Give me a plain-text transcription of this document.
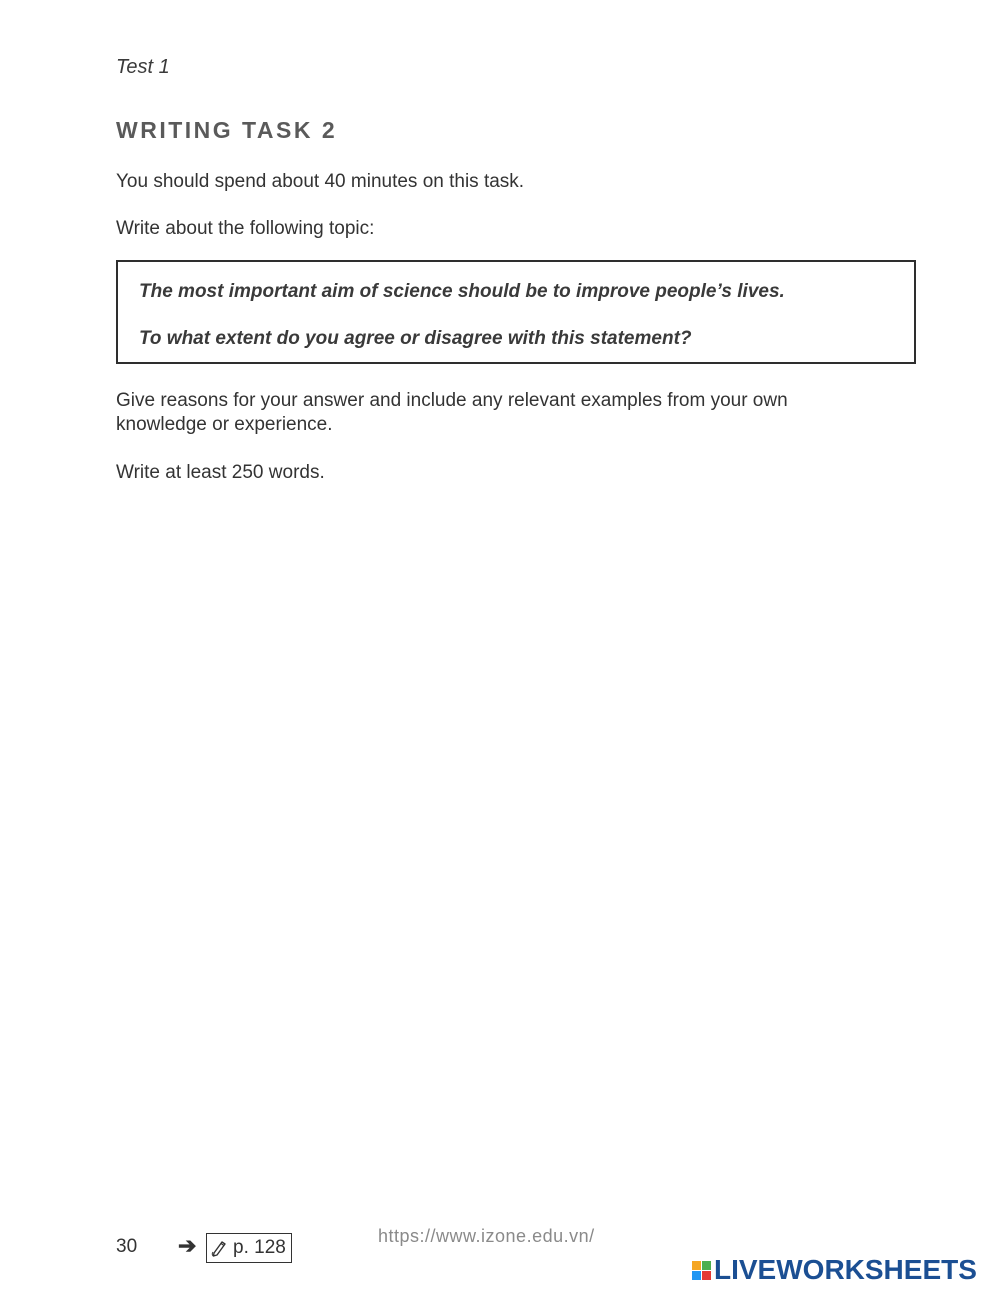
Test 1
WRITING TASK 2
You should spend about 40 minutes on this task.
Write about the following topic:
The most important aim of science should be to improve people’s lives.
To what extent do you agree or disagree with this statement?
Give reasons for your answer and include any relevant examples from your own knowledge or experience.
Write at least 250 words.
30 ➔ p. 128
https://www.izone.edu.vn/
LIVEWORKSHEETS
